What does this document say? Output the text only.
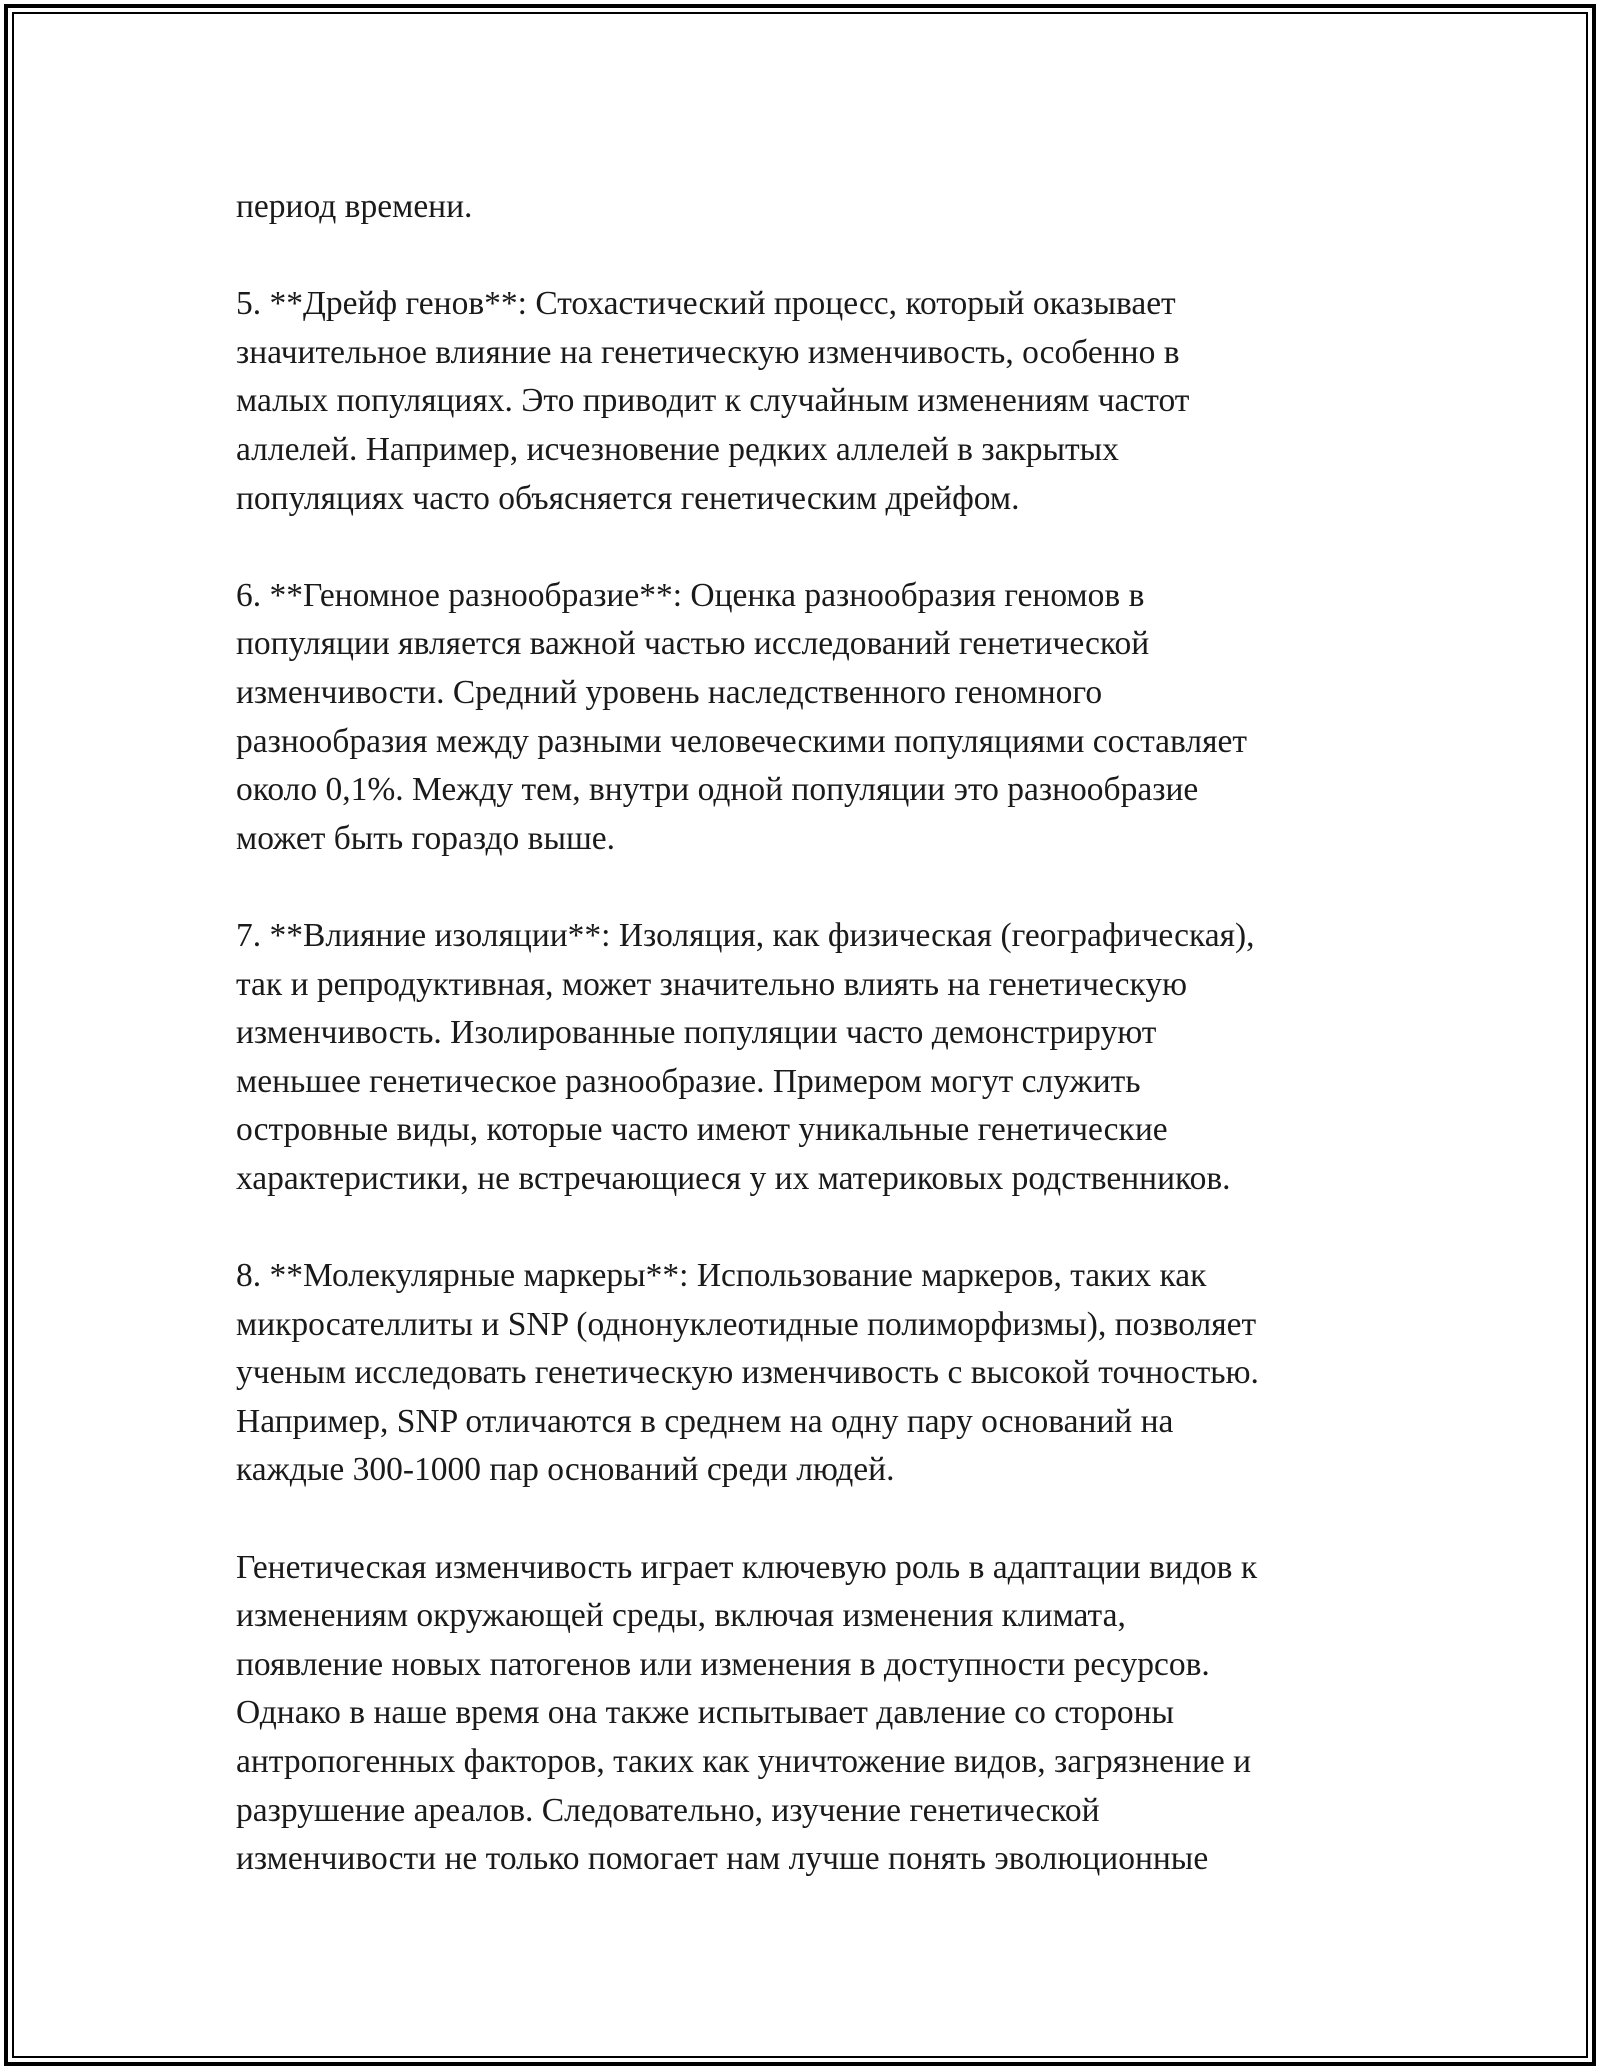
период времени.

5. **Дрейф генов**: Стохастический процесс, который оказывает
значительное влияние на генетическую изменчивость, особенно в
малых популяциях. Это приводит к случайным изменениям частот
аллелей. Например, исчезновение редких аллелей в закрытых
популяциях часто объясняется генетическим дрейфом.

6. **Геномное разнообразие**: Оценка разнообразия геномов в
популяции является важной частью исследований генетической
изменчивости. Средний уровень наследственного геномного
разнообразия между разными человеческими популяциями составляет
около 0,1%. Между тем, внутри одной популяции это разнообразие
может быть гораздо выше.

7. **Влияние изоляции**: Изоляция, как физическая (географическая),
так и репродуктивная, может значительно влиять на генетическую
изменчивость. Изолированные популяции часто демонстрируют
меньшее генетическое разнообразие. Примером могут служить
островные виды, которые часто имеют уникальные генетические
характеристики, не встречающиеся у их материковых родственников.

8. **Молекулярные маркеры**: Использование маркеров, таких как
микросателлиты и SNP (однонуклеотидные полиморфизмы), позволяет
ученым исследовать генетическую изменчивость с высокой точностью.
Например, SNP отличаются в среднем на одну пару оснований на
каждые 300-1000 пар оснований среди людей.

Генетическая изменчивость играет ключевую роль в адаптации видов к
изменениям окружающей среды, включая изменения климата,
появление новых патогенов или изменения в доступности ресурсов.
Однако в наше время она также испытывает давление со стороны
антропогенных факторов, таких как уничтожение видов, загрязнение и
разрушение ареалов. Следовательно, изучение генетической
изменчивости не только помогает нам лучше понять эволюционные
